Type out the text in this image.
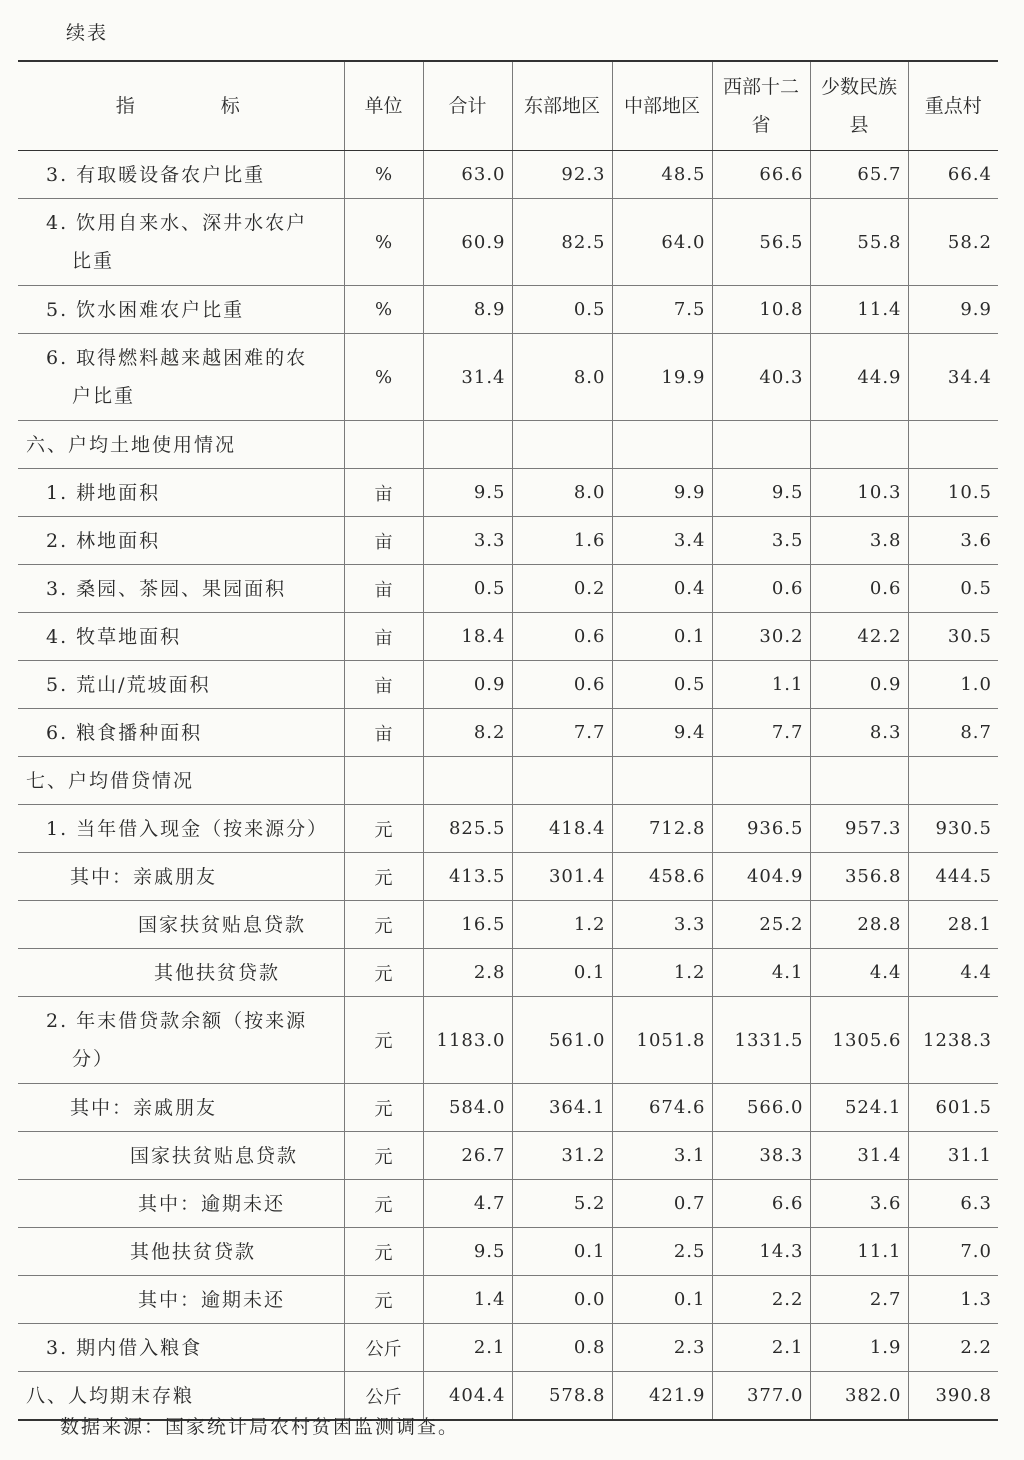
续表
指 标	单位	合计	东部地区	中部地区	西部十二省	少数民族县	重点村
3. 有取暖设备农户比重	%	63.0	92.3	48.5	66.6	65.7	66.4
4. 饮用自来水、深井水农户
比重	%	60.9	82.5	64.0	56.5	55.8	58.2
5. 饮水困难农户比重	%	8.9	0.5	7.5	10.8	11.4	9.9
6. 取得燃料越来越困难的农
户比重	%	31.4	8.0	19.9	40.3	44.9	34.4
六、户均土地使用情况							
1. 耕地面积	亩	9.5	8.0	9.9	9.5	10.3	10.5
2. 林地面积	亩	3.3	1.6	3.4	3.5	3.8	3.6
3. 桑园、茶园、果园面积	亩	0.5	0.2	0.4	0.6	0.6	0.5
4. 牧草地面积	亩	18.4	0.6	0.1	30.2	42.2	30.5
5. 荒山/荒坡面积	亩	0.9	0.6	0.5	1.1	0.9	1.0
6. 粮食播种面积	亩	8.2	7.7	9.4	7.7	8.3	8.7
七、户均借贷情况							
1. 当年借入现金（按来源分）	元	825.5	418.4	712.8	936.5	957.3	930.5
其中：亲戚朋友	元	413.5	301.4	458.6	404.9	356.8	444.5
国家扶贫贴息贷款	元	16.5	1.2	3.3	25.2	28.8	28.1
其他扶贫贷款	元	2.8	0.1	1.2	4.1	4.4	4.4
2. 年末借贷款余额（按来源
分）	元	1183.0	561.0	1051.8	1331.5	1305.6	1238.3
其中：亲戚朋友	元	584.0	364.1	674.6	566.0	524.1	601.5
国家扶贫贴息贷款	元	26.7	31.2	3.1	38.3	31.4	31.1
其中：逾期未还	元	4.7	5.2	0.7	6.6	3.6	6.3
其他扶贫贷款	元	9.5	0.1	2.5	14.3	11.1	7.0
其中：逾期未还	元	1.4	0.0	0.1	2.2	2.7	1.3
3. 期内借入粮食	公斤	2.1	0.8	2.3	2.1	1.9	2.2
八、人均期末存粮	公斤	404.4	578.8	421.9	377.0	382.0	390.8
数据来源：国家统计局农村贫困监测调查。
